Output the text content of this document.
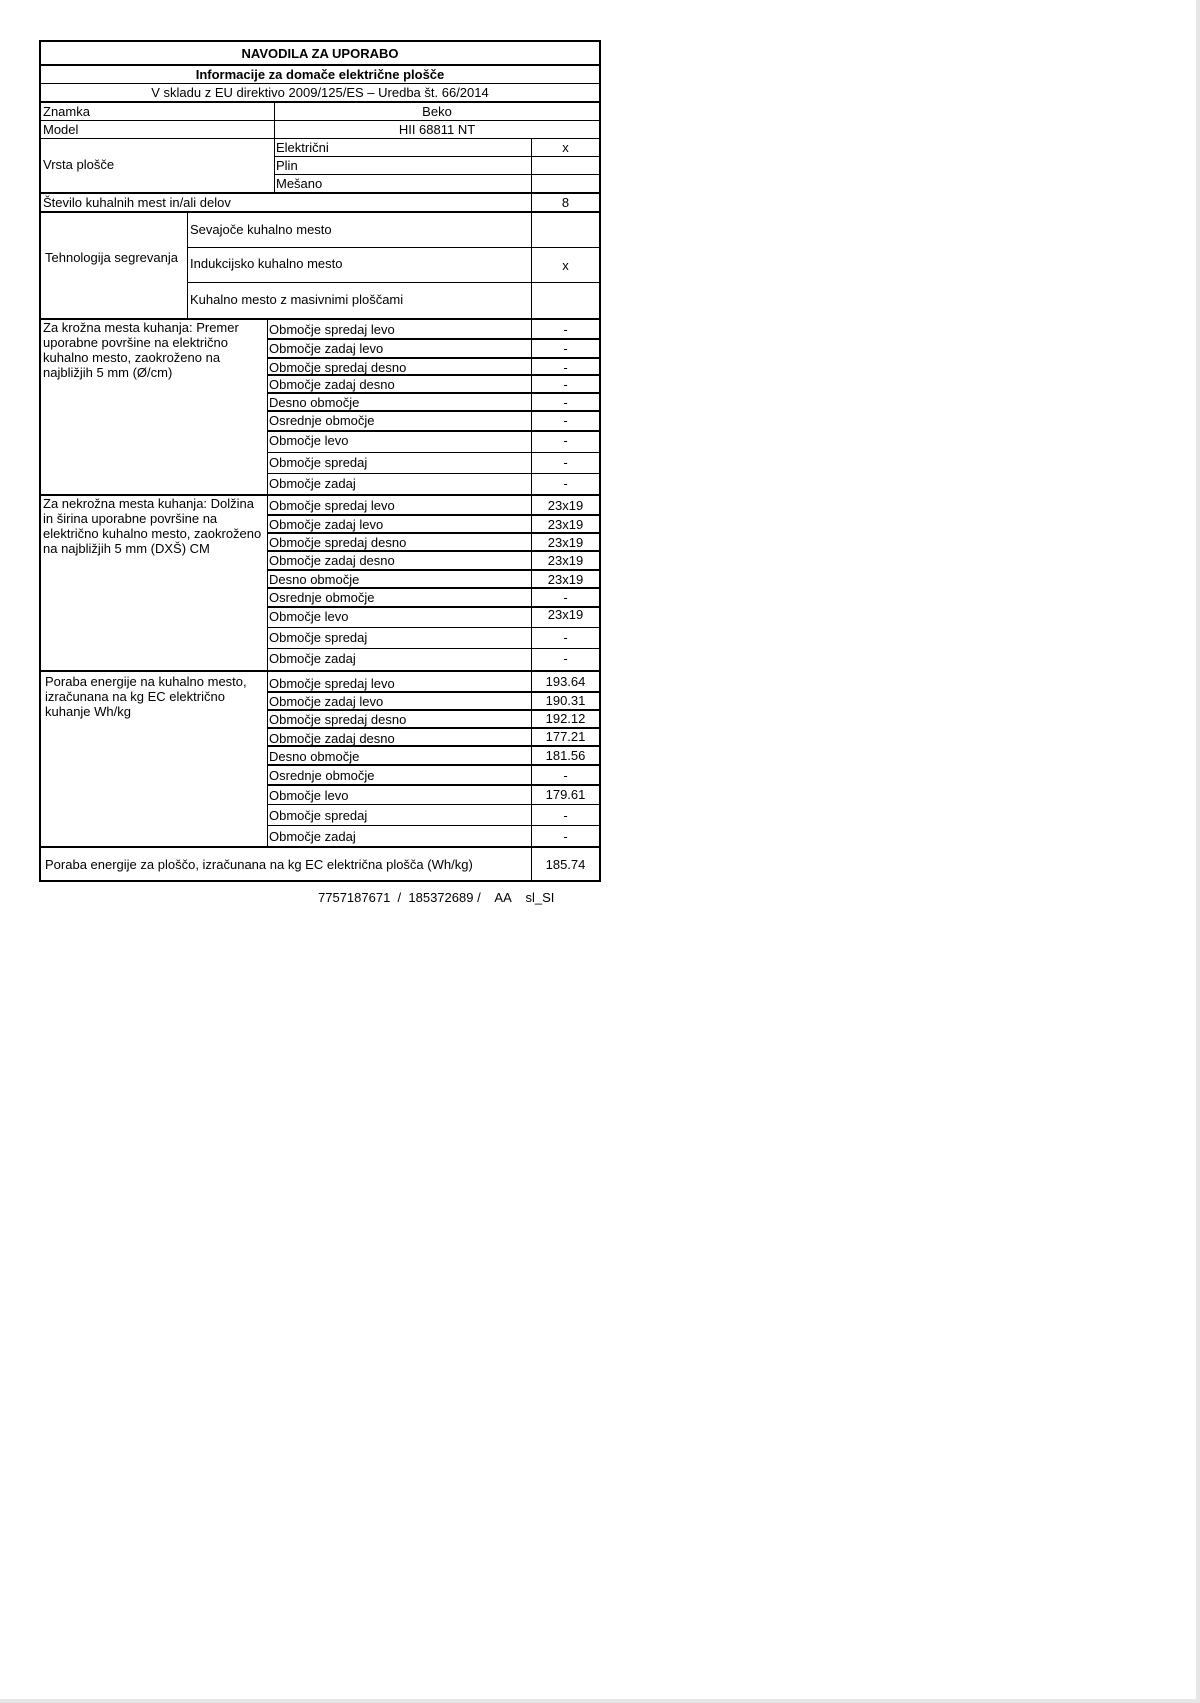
NAVODILA ZA UPORABO
Informacije za domače električne plošče
V skladu z EU direktivo 2009/125/ES – Uredba št. 66/2014
Znamka	Beko
Model	HII 68811 NT
Vrsta plošče
Električni	x
Plin
Mešano
Število kuhalnih mest in/ali delov	8
Tehnologija segrevanja
Sevajoče kuhalno mesto
Indukcijsko kuhalno mesto	x
Kuhalno mesto z masivnimi ploščami
Za krožna mesta kuhanja: Premer uporabne površine na električno kuhalno mesto, zaokroženo na najbližjih 5 mm (Ø/cm)
Območje spredaj levo	-
Območje zadaj levo	-
Območje spredaj desno	-
Območje zadaj desno	-
Desno območje	-
Osrednje območje	-
Območje levo	-
Območje spredaj	-
Območje zadaj	-
Za nekrožna mesta kuhanja: Dolžina in širina uporabne površine na električno kuhalno mesto, zaokroženo na najbližjih 5 mm (DXŠ) CM
Območje spredaj levo	23x19
Območje zadaj levo	23x19
Območje spredaj desno	23x19
Območje zadaj desno	23x19
Desno območje	23x19
Osrednje območje	-
Območje levo	23x19
Območje spredaj	-
Območje zadaj	-
Poraba energije na kuhalno mesto, izračunana na kg EC električno kuhanje Wh/kg
Območje spredaj levo	193.64
Območje zadaj levo	190.31
Območje spredaj desno	192.12
Območje zadaj desno	177.21
Desno območje	181.56
Osrednje območje	-
Območje levo	179.61
Območje spredaj	-
Območje zadaj	-
Poraba energije za ploščo, izračunana na kg EC električna plošča (Wh/kg)	185.74
7757187671  /  185372689 /    AA sl_SI
